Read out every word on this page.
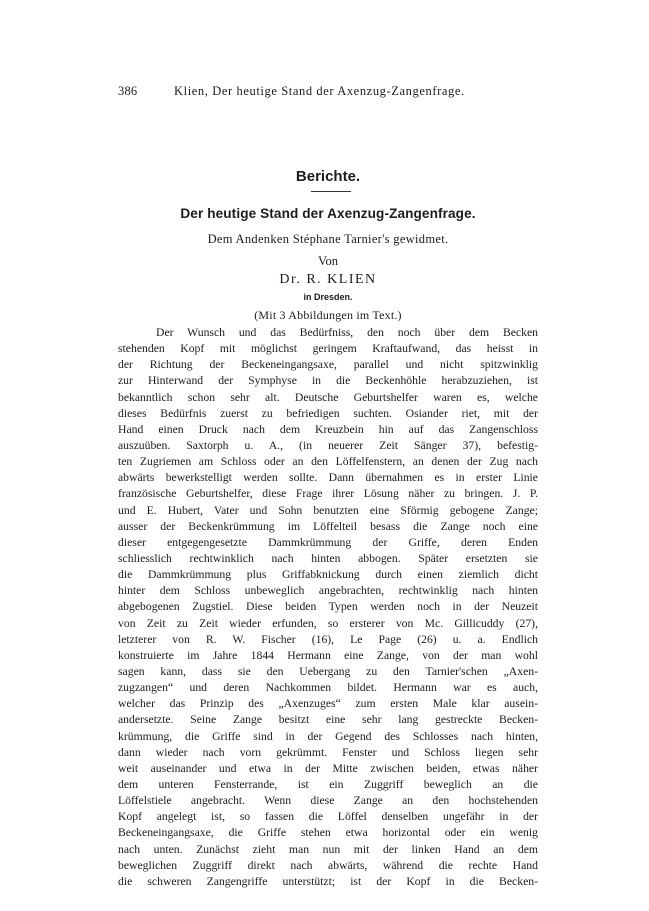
386	Klien, Der heutige Stand der Axenzug-Zangenfrage.
Berichte.
Der heutige Stand der Axenzug-Zangenfrage.
Dem Andenken Stéphane Tarnier's gewidmet.
Von
Dr. R. KLIEN
in Dresden.
(Mit 3 Abbildungen im Text.)
Der Wunsch und das Bedürfniss, den noch über dem Becken
stehenden Kopf mit möglichst geringem Kraftaufwand, das heisst in
der Richtung der Beckeneingangsaxe, parallel und nicht spitzwinklig
zur Hinterwand der Symphyse in die Beckenhöhle herabzuziehen, ist
bekanntlich schon sehr alt. Deutsche Geburtshelfer waren es, welche
dieses Bedürfnis zuerst zu befriedigen suchten. Osiander riet, mit der
Hand einen Druck nach dem Kreuzbein hin auf das Zangenschloss
auszuüben. Saxtorph u. A., (in neuerer Zeit Sänger 37), befestig-
ten Zugriemen am Schloss oder an den Löffelfenstern, an denen der Zug nach
abwärts bewerkstelligt werden sollte. Dann übernahmen es in erster Linie
französische Geburtshelfer, diese Frage ihrer Lösung näher zu bringen. J. P.
und E. Hubert, Vater und Sohn benutzten eine Sförmig gebogene Zange;
ausser der Beckenkrümmung im Löffelteil besass die Zange noch eine
dieser entgegengesetzte Dammkrümmung der Griffe, deren Enden
schliesslich rechtwinklich nach hinten abbogen. Später ersetzten sie
die Dammkrümmung plus Griffabknickung durch einen ziemlich dicht
hinter dem Schloss unbeweglich angebrachten, rechtwinklig nach hinten
abgebogenen Zugstiel. Diese beiden Typen werden noch in der Neuzeit
von Zeit zu Zeit wieder erfunden, so ersterer von Mc. Gillicuddy (27),
letzterer von R. W. Fischer (16), Le Page (26) u. a. Endlich
konstruierte im Jahre 1844 Hermann eine Zange, von der man wohl
sagen kann, dass sie den Uebergang zu den Tarnier'schen „Axen-
zugzangen“ und deren Nachkommen bildet. Hermann war es auch,
welcher das Prinzip des „Axenzuges“ zum ersten Male klar ausein-
andersetzte. Seine Zange besitzt eine sehr lang gestreckte Becken-
krümmung, die Griffe sind in der Gegend des Schlosses nach hinten,
dann wieder nach vorn gekrümmt. Fenster und Schloss liegen sehr
weit auseinander und etwa in der Mitte zwischen beiden, etwas näher
dem unteren Fensterrande, ist ein Zuggriff beweglich an die
Löffelstiele angebracht. Wenn diese Zange an den hochstehenden
Kopf angelegt ist, so fassen die Löffel denselben ungefähr in der
Beckeneingangsaxe, die Griffe stehen etwa horizontal oder ein wenig
nach unten. Zunächst zieht man nun mit der linken Hand an dem
beweglichen Zuggriff direkt nach abwärts, während die rechte Hand
die schweren Zangengriffe unterstützt; ist der Kopf in die Becken-
